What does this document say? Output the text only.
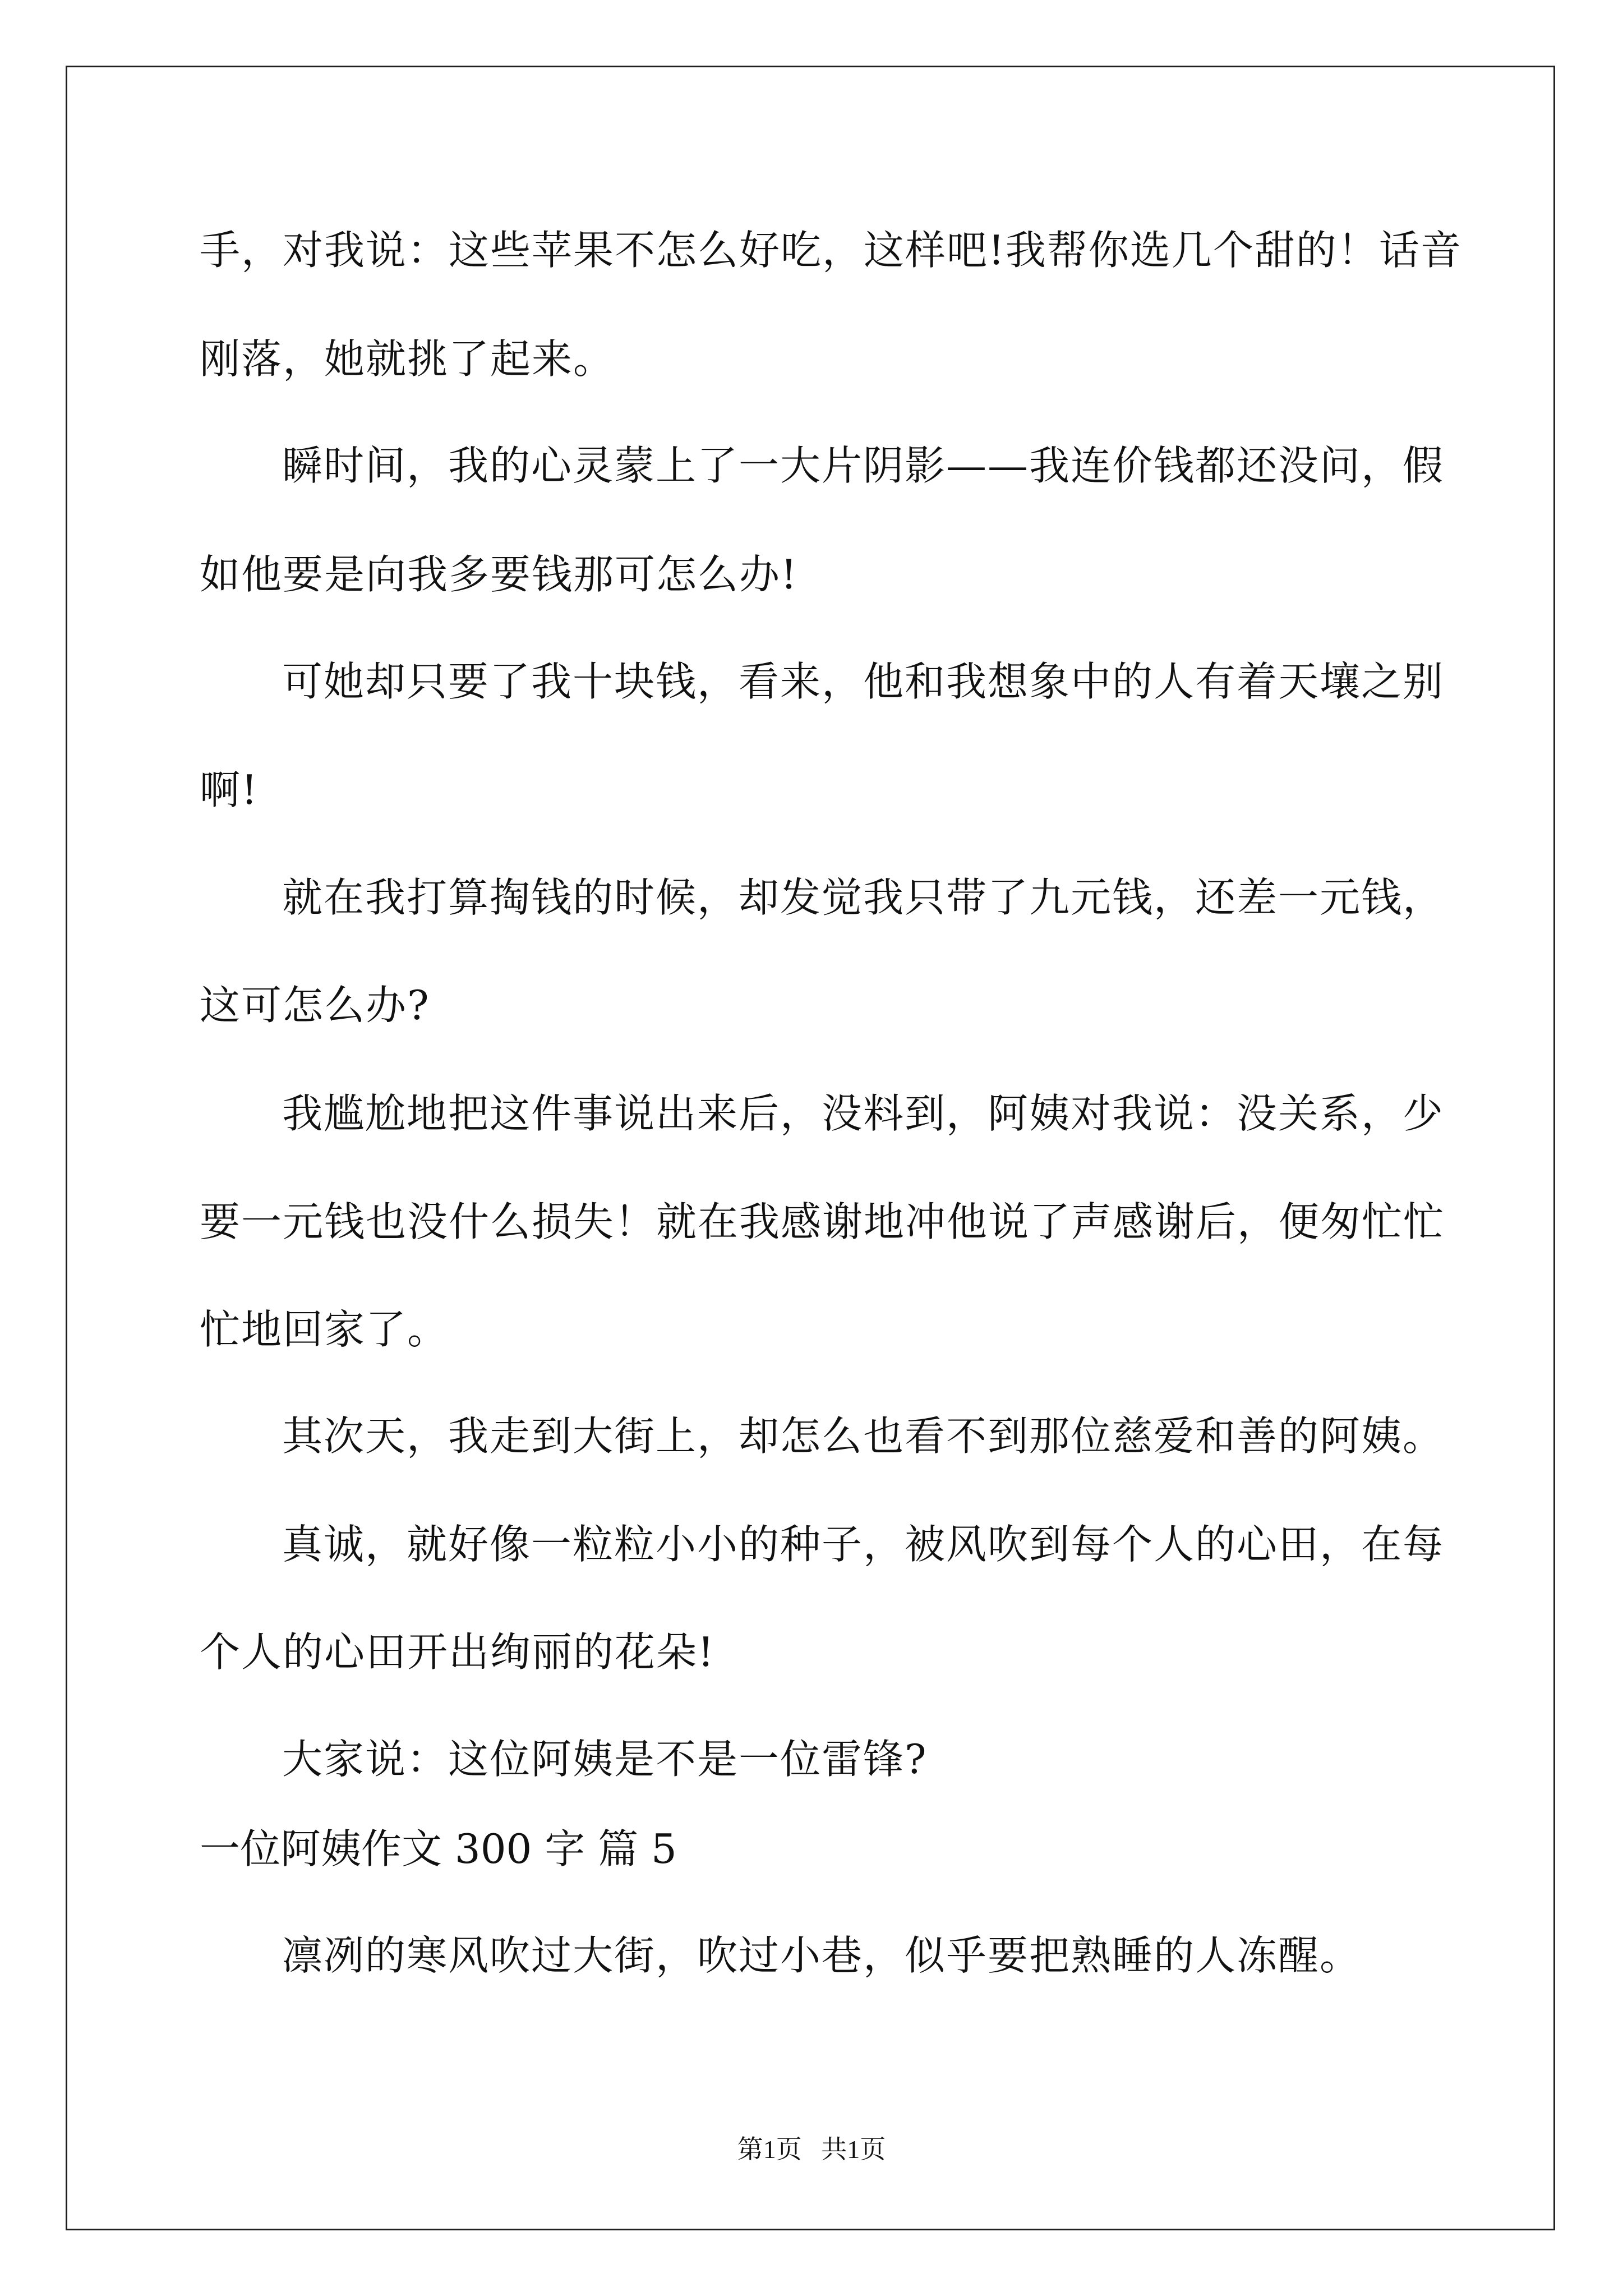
手，对我说：这些苹果不怎么好吃，这样吧!我帮你选几个甜的！话音

刚落，她就挑了起来。

瞬时间，我的心灵蒙上了一大片阴影——我连价钱都还没问，假

如他要是向我多要钱那可怎么办!

可她却只要了我十块钱，看来，他和我想象中的人有着天壤之别

啊!

就在我打算掏钱的时候，却发觉我只带了九元钱，还差一元钱，

这可怎么办?

我尴尬地把这件事说出来后，没料到，阿姨对我说：没关系，少

要一元钱也没什么损失！就在我感谢地冲他说了声感谢后，便匆忙忙

忙地回家了。

其次天，我走到大街上，却怎么也看不到那位慈爱和善的阿姨。

真诚，就好像一粒粒小小的种子，被风吹到每个人的心田，在每

个人的心田开出绚丽的花朵!

大家说：这位阿姨是不是一位雷锋?

一位阿姨作文 300 字 篇 5

凛冽的寒风吹过大街，吹过小巷，似乎要把熟睡的人冻醒。

第1页   共1页
